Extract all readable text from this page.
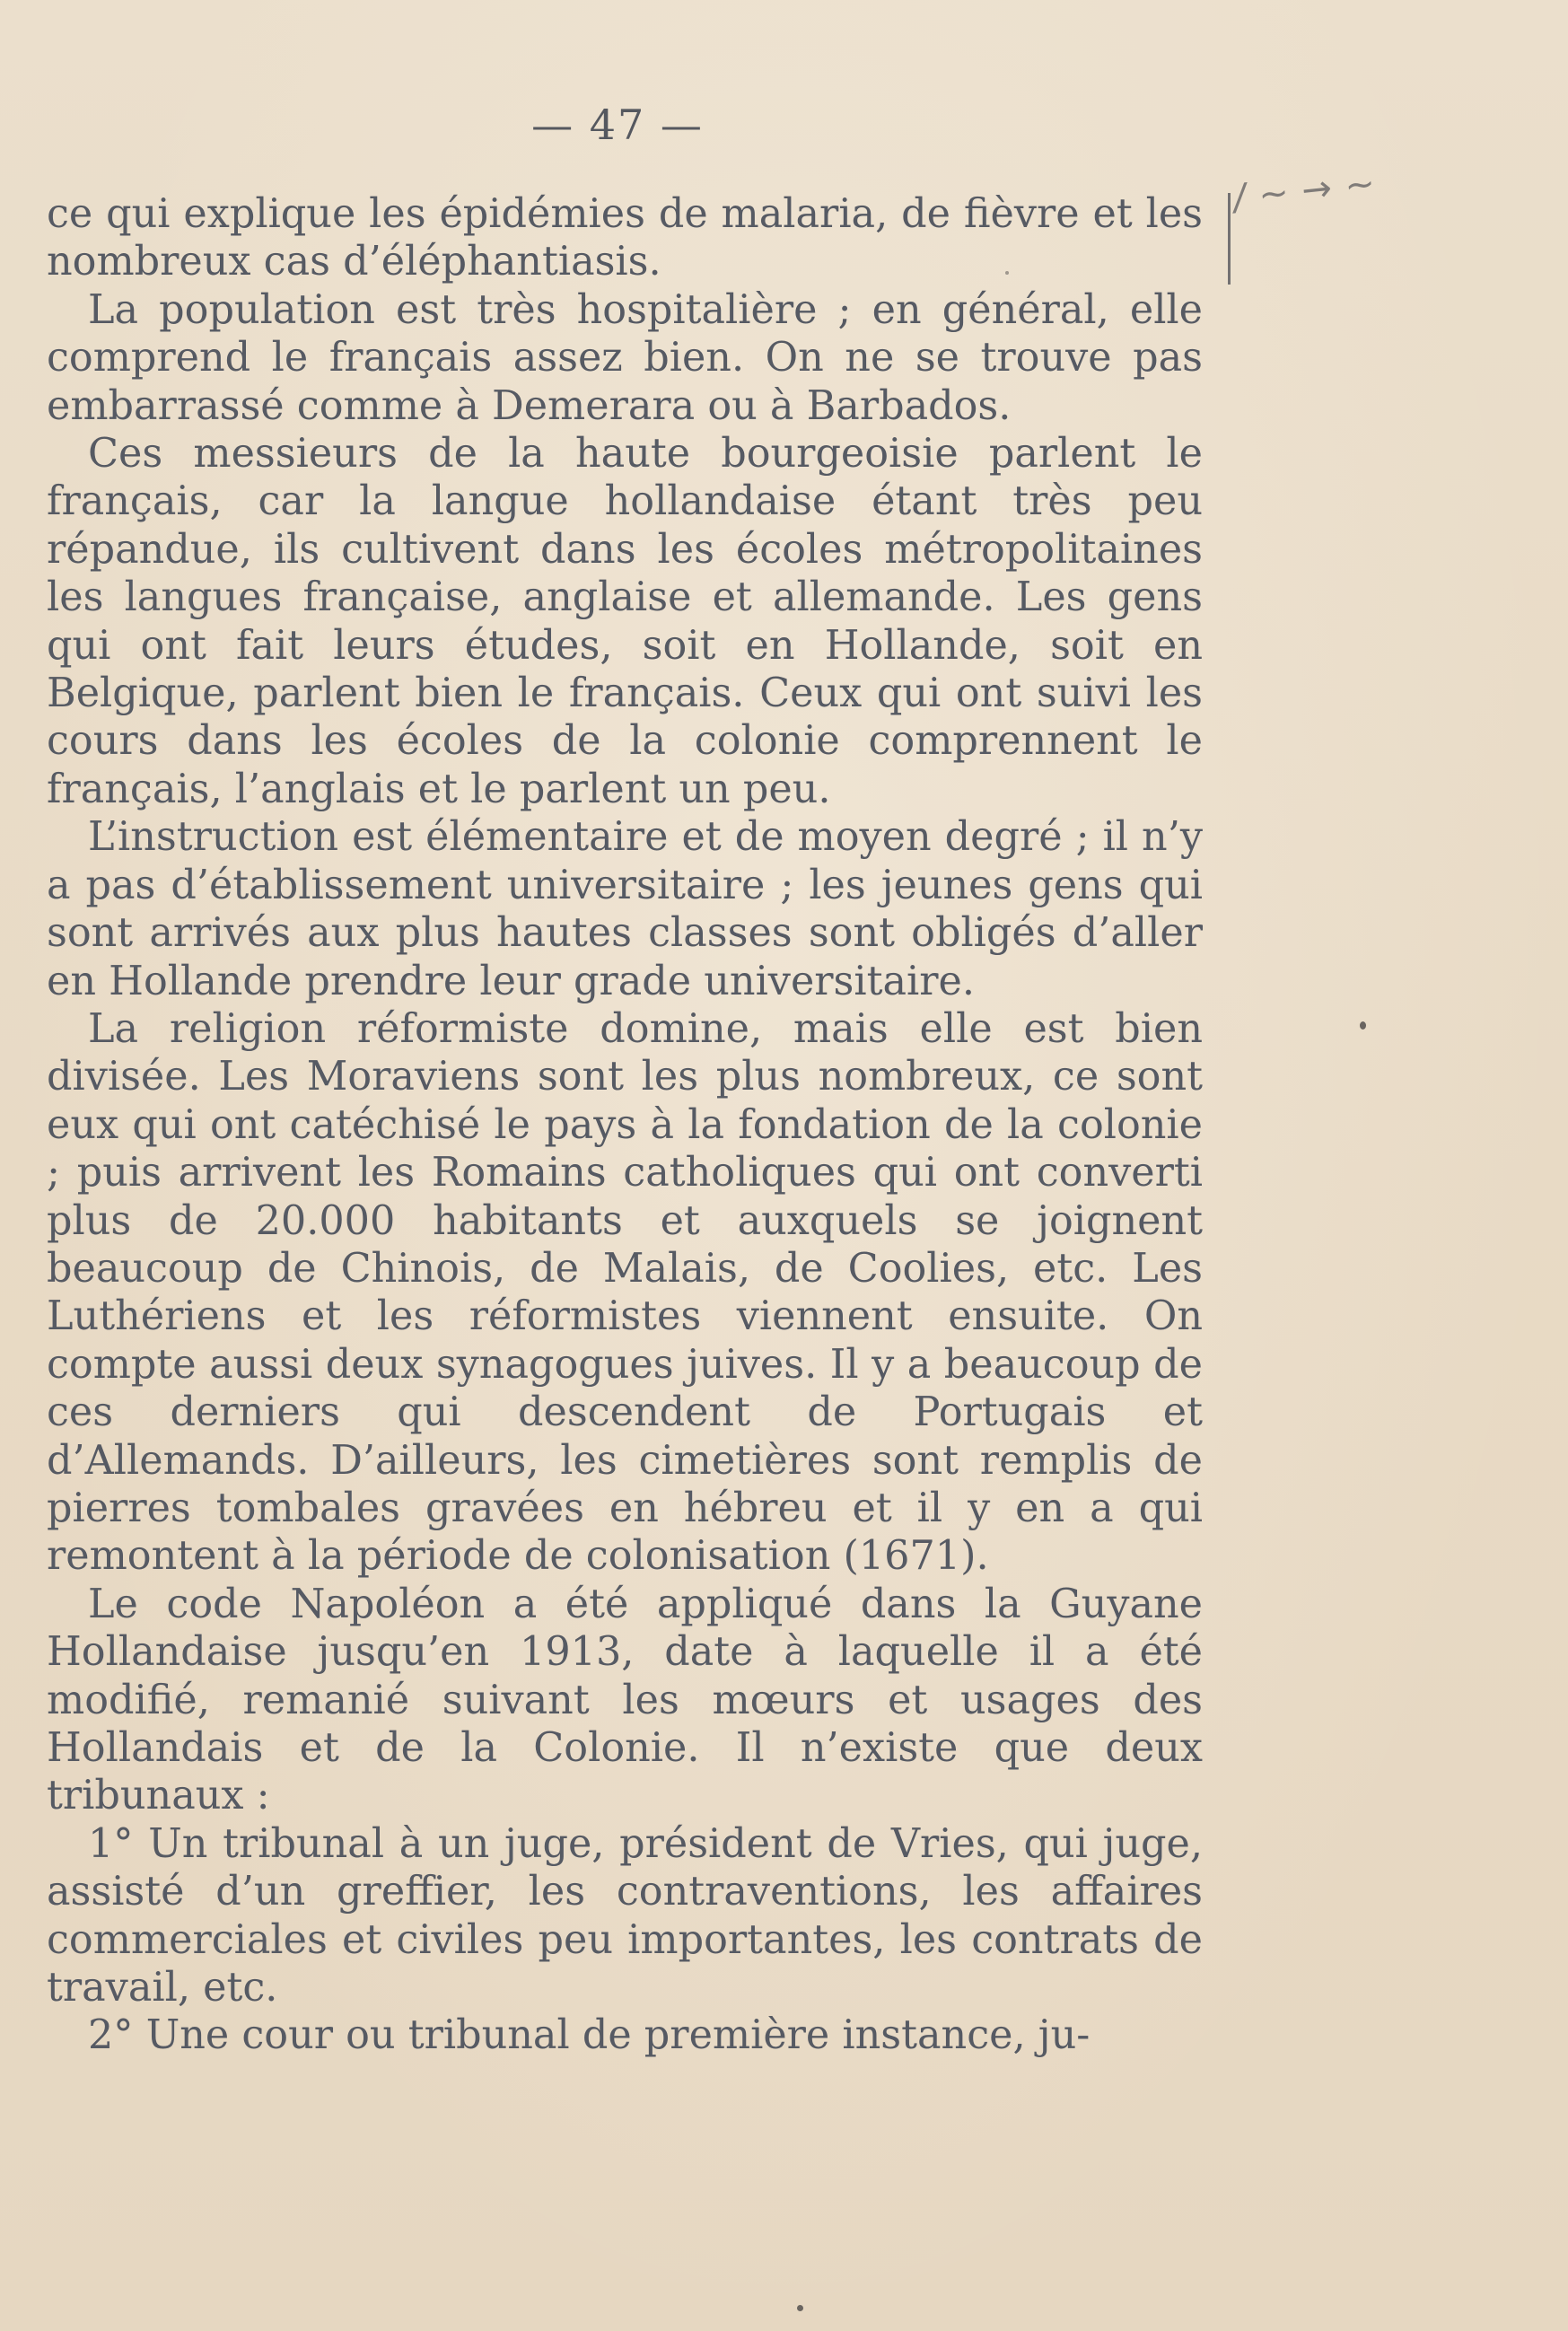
— 47 —
/ ~ → ~

ce qui explique les épidémies de malaria, de fièvre et les nombreux cas d’éléphantiasis.

La population est très hospitalière ; en général, elle comprend le français assez bien. On ne se trouve pas embarrassé comme à Demerara ou à Barbados.

Ces messieurs de la haute bourgeoisie parlent le français, car la langue hollandaise étant très peu répandue, ils cultivent dans les écoles métropolitaines les langues française, anglaise et allemande. Les gens qui ont fait leurs études, soit en Hollande, soit en Belgique, parlent bien le français. Ceux qui ont suivi les cours dans les écoles de la colonie comprennent le français, l’anglais et le parlent un peu.

L’instruction est élémentaire et de moyen degré ; il n’y a pas d’établissement universitaire ; les jeunes gens qui sont arrivés aux plus hautes classes sont obligés d’aller en Hollande prendre leur grade universitaire.

La religion réformiste domine, mais elle est bien divisée. Les Moraviens sont les plus nombreux, ce sont eux qui ont catéchisé le pays à la fondation de la colonie ; puis arrivent les Romains catholiques qui ont converti plus de 20.000 habitants et auxquels se joignent beaucoup de Chinois, de Malais, de Coolies, etc. Les Luthériens et les réformistes viennent ensuite. On compte aussi deux synagogues juives. Il y a beaucoup de ces derniers qui descendent de Portugais et d’Allemands. D’ailleurs, les cimetières sont remplis de pierres tombales gravées en hébreu et il y en a qui remontent à la période de colonisation (1671).

Le code Napoléon a été appliqué dans la Guyane Hollandaise jusqu’en 1913, date à laquelle il a été modifié, remanié suivant les mœurs et usages des Hollandais et de la Colonie. Il n’existe que deux tribunaux :

1° Un tribunal à un juge, président de Vries, qui juge, assisté d’un greffier, les contraventions, les affaires commerciales et civiles peu importantes, les contrats de travail, etc.

2° Une cour ou tribunal de première instance, ju-
